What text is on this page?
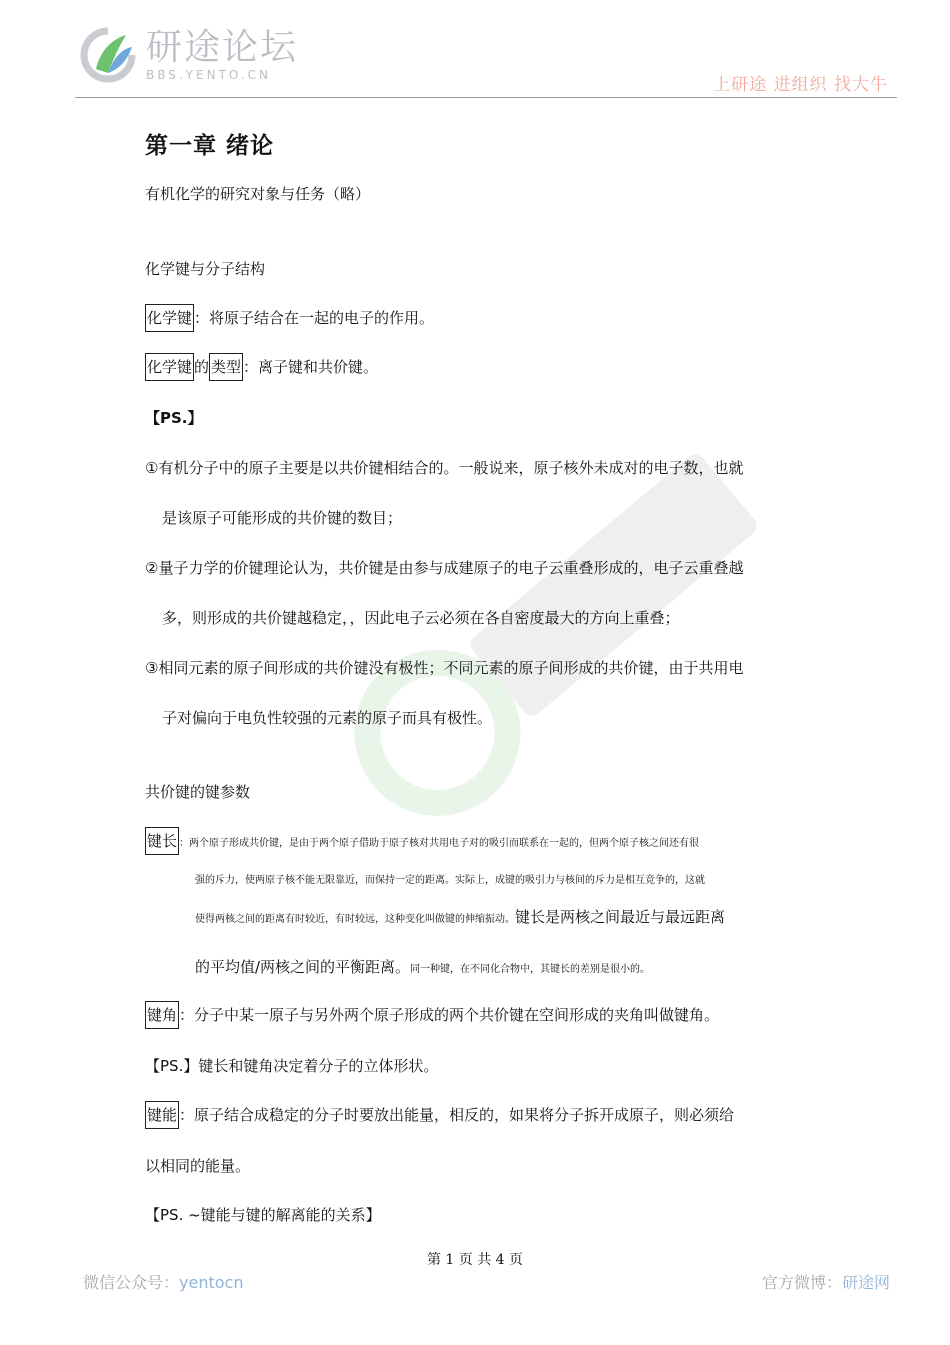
研途论坛
BBS.YENTO.CN	上研途 进组织 找大牛
第一章 绪论
有机化学的研究对象与任务（略）
化学键与分子结构
化学键 ：将原子结合在一起的电子的作用。
化学键 的 类型 ：离子键和共价键。
【PS.】
①有机分子中的原子主要是以共价键相结合的。一般说来，原子核外未成对的电子数，也就
是该原子可能形成的共价键的数目；
②量子力学的价键理论认为，共价键是由参与成建原子的电子云重叠形成的，电子云重叠越
多，则形成的共价键越稳定，，因此电子云必须在各自密度最大的方向上重叠；
③相同元素的原子间形成的共价键没有极性；不同元素的原子间形成的共价键，由于共用电
子对偏向于电负性较强的元素的原子而具有极性。
共价键的键参数
键长 ：两个原子形成共价键，是由于两个原子借助于原子核对共用电子对的吸引而联系在一起的，但两个原子核之间还有很
强的斥力，使两原子核不能无限靠近，而保持一定的距离。实际上，成键的吸引力与核间的斥力是相互竞争的，这就
使得两核之间的距离有时较近，有时较远，这种变化叫做键的伸缩振动。键长是两核之间最近与最远距离
的平均值/两核之间的平衡距离。同一种键，在不同化合物中，其键长的差别是很小的。
键角 ：分子中某一原子与另外两个原子形成的两个共价键在空间形成的夹角叫做键角。
【PS.】键长和键角决定着分子的立体形状。
键能 ：原子结合成稳定的分子时要放出能量，相反的，如果将分子拆开成原子，则必须给
以相同的能量。
【PS. ~键能与键的解离能的关系】
第 1 页 共 4 页
微信公众号：yentocn	官方微博：研途网
